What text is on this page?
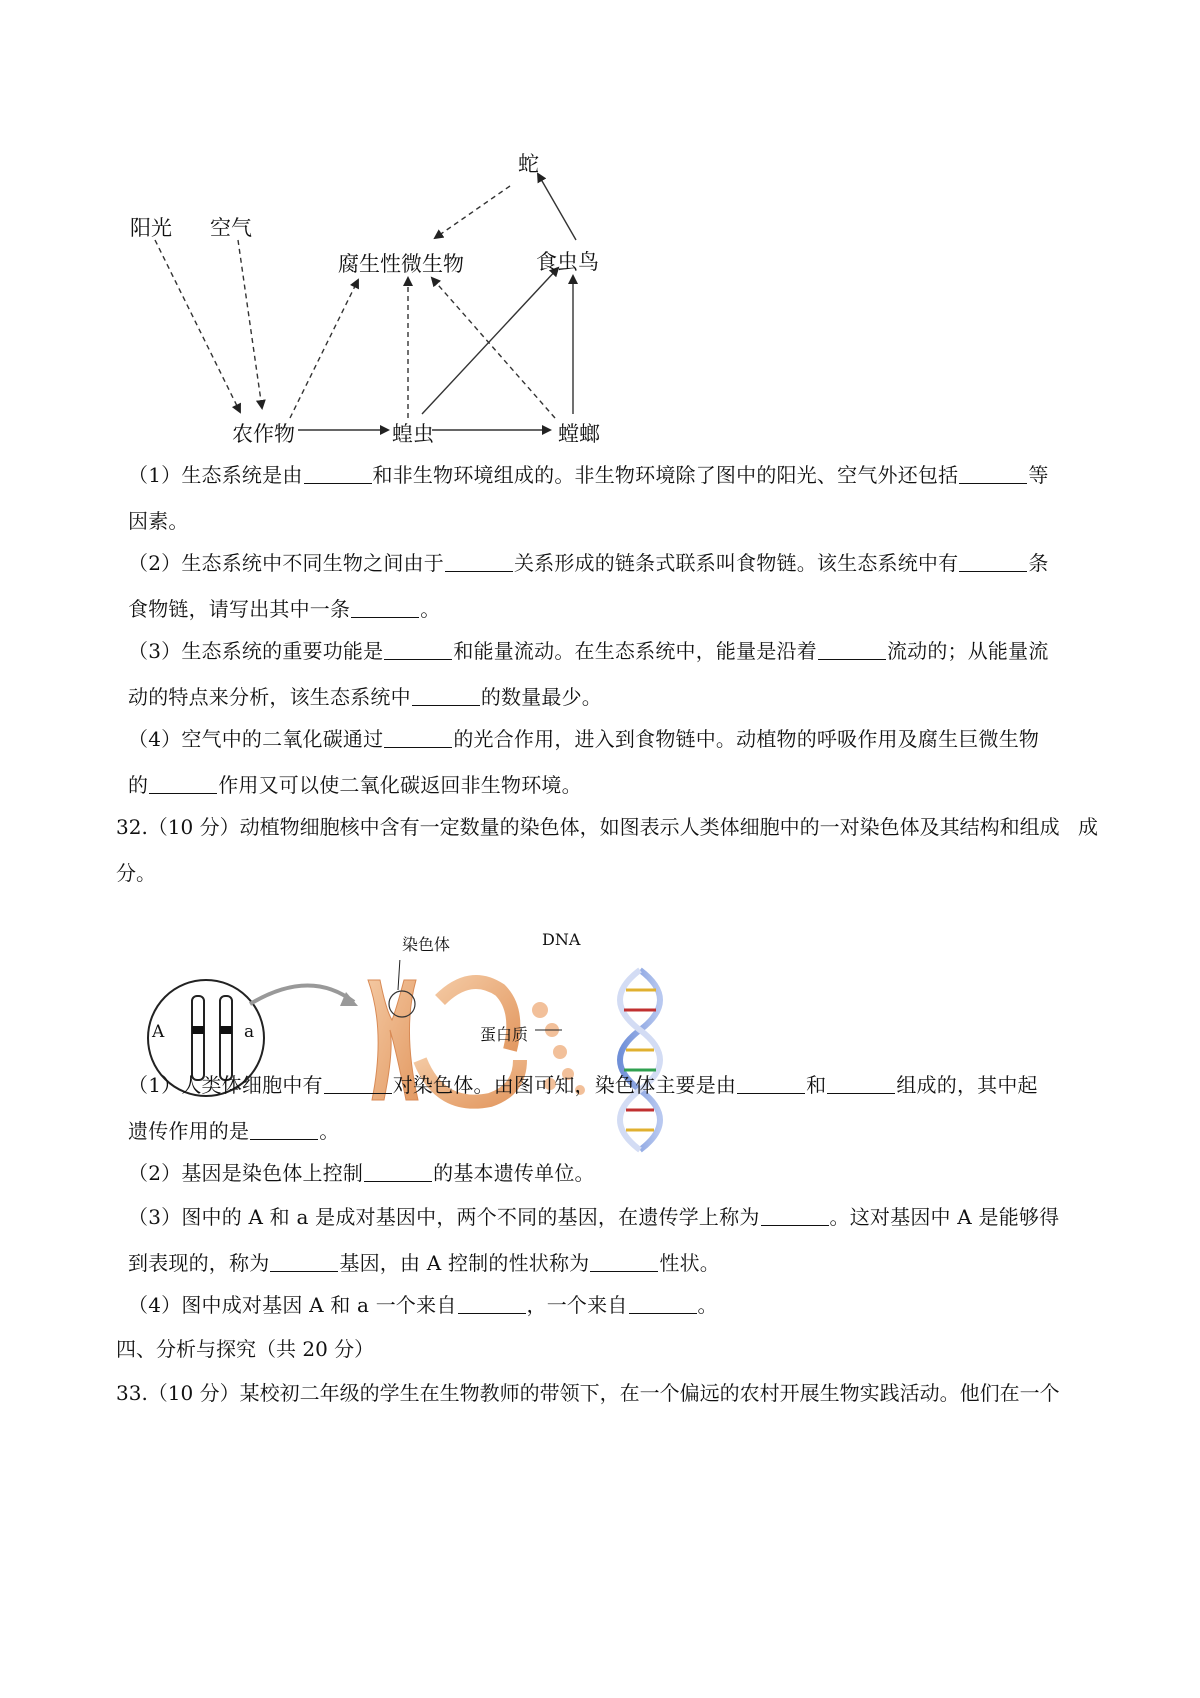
蛇
阳光 空气
腐生性微生物	食虫鸟
农作物	蝗虫	螳螂
（1）生态系统是由	和非生物环境组成的。非生物环境除了图中的阳光、空气外还包括	等
因素。
（2）生态系统中不同生物之间由于	关系形成的链条式联系叫食物链。该生态系统中有	条
食物链，请写出其中一条	。
（3）生态系统的重要功能是	和能量流动。在生态系统中，能量是沿着	流动的；从能量流
动的特点来分析，该生态系统中	的数量最少。
（4）空气中的二氧化碳通过	的光合作用，进入到食物链中。动植物的呼吸作用及腐生巨微生物
的	作用又可以使二氧化碳返回非生物环境。
32.（10 分）动植物细胞核中含有一定数量的染色体，如图表示人类体细胞中的一对染色体及其结构和组成 成分。
A	a
染色体	DNA
蛋白质
（1）人类体细胞中有	对染色体。由图可知，染色体主要是由	和	组成的，其中起
遗传作用的是	。
（2）基因是染色体上控制	的基本遗传单位。
（3）图中的 A 和 a 是成对基因中，两个不同的基因，在遗传学上称为	。这对基因中 A 是能够得
到表现的，称为	基因，由 A 控制的性状称为	性状。
（4）图中成对基因 A 和 a 一个来自	，一个来自	。
四、分析与探究（共 20 分）
33.（10 分）某校初二年级的学生在生物教师的带领下，在一个偏远的农村开展生物实践活动。他们在一个
